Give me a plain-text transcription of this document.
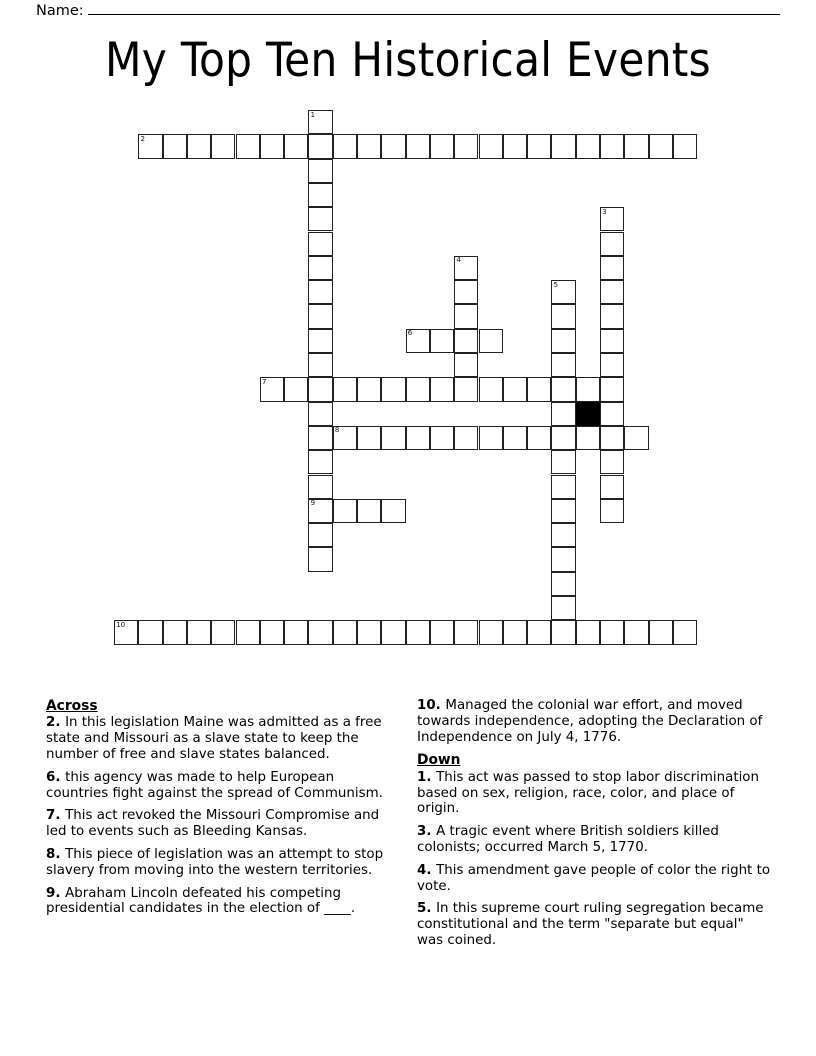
Name:
My Top Ten Historical Events
1
9
2
3
4
5
6
7
8
10
Across

2. In this legislation Maine was admitted as a free state and Missouri as a slave state to keep the number of free and slave states balanced.

6. this agency was made to help European countries fight against the spread of Communism.

7. This act revoked the Missouri Compromise and led to events such as Bleeding Kansas.

8. This piece of legislation was an attempt to stop slavery from moving into the western territories.

9. Abraham Lincoln defeated his competing presidential candidates in the election of ____.

10. Managed the colonial war effort, and moved towards independence, adopting the Declaration of Independence on July 4, 1776.

Down

1. This act was passed to stop labor discrimination based on sex, religion, race, color, and place of origin.

3. A tragic event where British soldiers killed colonists; occurred March 5, 1770.

4. This amendment gave people of color the right to vote.

5. In this supreme court ruling segregation became constitutional and the term "separate but equal" was coined.
